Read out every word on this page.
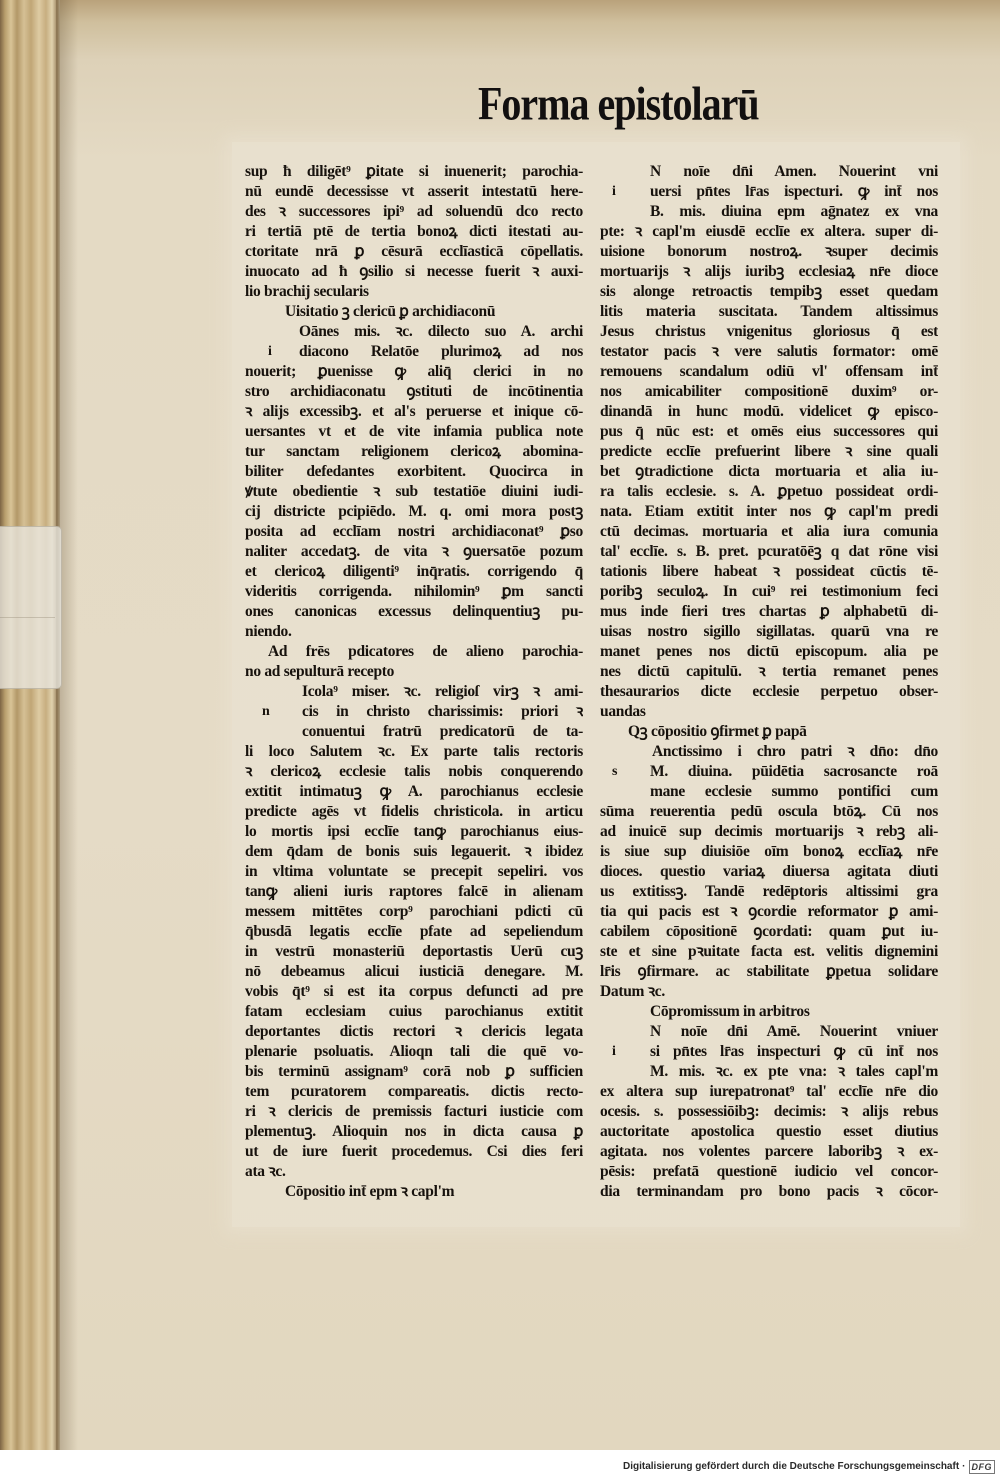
Forma epistolarū
sup ħ diligēt⁹ ꝑitate si inuenerit; parochia-
nū eundē decessisse vt asserit intestatū here-
des ꝛ successores ipi⁹ ad soluendū dco recto
ri tertiā ptē de tertia bonoꝝ dicti itestati au-
ctoritate nrā ꝑ cēsurā ecclīasticā cōpellatis.
inuocato ad ħ ꝯsilio si necesse fuerit ꝛ auxi-
lio brachij secularis
Uisitatio ꝫ clericū ꝑ archidiaconū
Oānes mis. ꝛc. dilecto suo A. archi
i diacono Relatōe plurimoꝝ ad nos
nouerit; ꝑuenisse ꝙ aliq̄ clerici in no
stro archidiaconatu ꝯstituti de incōtinentia
ꝛ alijs excessibꝫ. et al's peruerse et inique cō-
uersantes vt et de vite infamia publica note
tur sanctam religionem clericoꝝ abomina-
biliter defedantes exorbitent. Quocirca in
ꝟtute obedientie ꝛ sub testatiōe diuini iudi-
cij districte pcipiēdo. M. q. omi mora postꝫ
posita ad ecclīam nostri archidiaconat⁹ ꝑso
naliter accedatꝫ. de vita ꝛ ꝯuersatōe pozum
et clericoꝝ diligenti⁹ inq̄ratis. corrigendo q̄
videritis corrigenda. nihilomin⁹ ꝑm sancti
ones canonicas excessus delinquentiuꝫ pu-
niendo.
Ad frēs pdicatores de alieno parochia-
no ad sepulturā recepto
Icola⁹ miser. ꝛc. religioſ virꝫ ꝛ ami-
n cis in christo charissimis: priori ꝛ
conuentui fratrū predicatorū de ta-
li loco Salutem ꝛc. Ex parte talis rectoris
ꝛ clericoꝝ ecclesie talis nobis conquerendo
extitit intimatuꝫ ꝙ A. parochianus ecclesie
predicte agēs vt fidelis christicola. in articu
lo mortis ipsi ecclīe tanꝙ parochianus eius-
dem q̄dam de bonis suis legauerit. ꝛ ibidez
in vltima voluntate se precepit sepeliri. vos
tanꝙ alieni iuris raptores falcē in alienam
messem mittētes corp⁹ parochiani pdicti cū
q̄busdā legatis ecclīe pfate ad sepeliendum
in vestrū monasteriū deportastis Uerū cuꝫ
nō debeamus alicui iusticiā denegare. M.
vobis q̄t⁹ si est ita corpus defuncti ad pre
fatam ecclesiam cuius parochianus extitit
deportantes dictis rectori ꝛ clericis legata
plenarie psoluatis. Alioqn tali die quē vo-
bis terminū assignam⁹ corā nob ꝑ sufficien
tem pcuratorem compareatis. dictis recto-
ri ꝛ clericis de premissis facturi iusticie com
plementuꝫ. Alioquin nos in dicta causa ꝑ
ut de iure fuerit procedemus. Csi dies feri
ata ꝛc.
Cōpositio int̄ epm ꝛ capl'm
N noīe dn̄i Amen. Nouerint vni
i uersi pn̄tes lr̄as ispecturi. ꝙ int̄ nos
B. mis. diuina epm aḡnatez ex vna
pte: ꝛ capl'm eiusdē ecclīe ex altera. super di-
uisione bonorum nostroꝝ. ꝛsuper decimis
mortuarijs ꝛ alijs iuribꝫ ecclesiaꝝ nr̄e dioce
sis alonge retroactis tempibꝫ esset quedam
litis materia suscitata. Tandem altissimus
Jesus christus vnigenitus gloriosus q̄ est
testator pacis ꝛ vere salutis formator: omē
remouens scandalum odiū vl' offensam int̄
nos amicabiliter compositionē duxim⁹ or-
dinandā in hunc modū. videlicet ꝙ episco-
pus q̄ nūc est: et omēs eius successores qui
predicte ecclīe prefuerint libere ꝛ sine quali
bet ꝯtradictione dicta mortuaria et alia iu-
ra talis ecclesie. s. A. ꝑpetuo possideat ordi-
nata. Etiam extitit inter nos ꝙ capl'm predi
ctū decimas. mortuaria et alia iura comunia
tal' ecclīe. s. B. pret. pcuratōēꝫ q dat rōne visi
tationis libere habeat ꝛ possideat cūctis tē-
poribꝫ seculoꝝ. In cui⁹ rei testimonium feci
mus inde fieri tres chartas ꝑ alphabetū di-
uisas nostro sigillo sigillatas. quarū vna re
manet penes nos dictū episcopum. alia pe
nes dictū capitulū. ꝛ tertia remanet penes
thesaurarios dicte ecclesie perpetuo obser-
uandas
Qꝫ cōpositio ꝯfirmet ꝑ papā
Anctissimo i chro patri ꝛ dn̄o: dn̄o
s M. diuina. pūidētia sacrosancte roā
mane ecclesie summo pontifici cum
sūma reuerentia pedū oscula btōꝝ. Cū nos
ad inuicē sup decimis mortuarijs ꝛ rebꝫ ali-
is siue sup diuisiōe oīm bonoꝝ ecclīaꝝ nr̄e
dioces. questio variaꝝ diuersa agitata diuti
us extitissꝫ. Tandē redēptoris altissimi gra
tia qui pacis est ꝛ ꝯcordie reformator ꝑ ami-
cabilem cōpositionē ꝯcordati: quam ꝑut iu-
ste et sine pꝛuitate facta est. velitis dignemini
lr̄is ꝯfirmare. ac stabilitate ꝑpetua solidare
Datum ꝛc.
Cōpromissum in arbitros
N noīe dn̄i Amē. Nouerint vniuer
i si pn̄tes lr̄as inspecturi ꝙ cū int̄ nos
M. mis. ꝛc. ex pte vna: ꝛ tales capl'm
ex altera sup iurepatronat⁹ tal' ecclīe nr̄e dio
ocesis. s. possessiōibꝫ: decimis: ꝛ alijs rebus
auctoritate apostolica questio esset diutius
agitata. nos volentes parcere laboribꝫ ꝛ ex-
pēsis: prefatā questionē iudicio vel concor-
dia terminandam pro bono pacis ꝛ cōcor-
Digitalisierung gefördert durch die Deutsche Forschungsgemeinschaft · DFG
